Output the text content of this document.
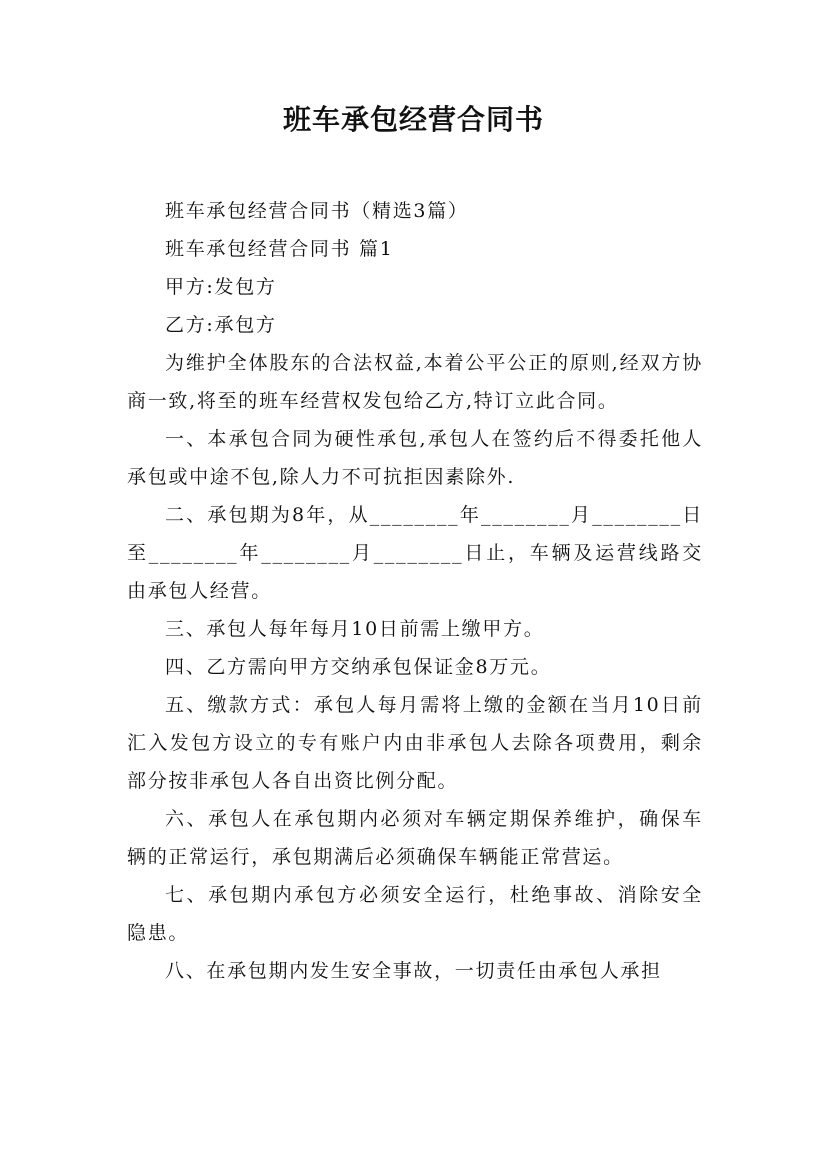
班车承包经营合同书

班车承包经营合同书（精选3篇）

班车承包经营合同书 篇1

甲方:发包方

乙方:承包方

为维护全体股东的合法权益,本着公平公正的原则,经双方协商一致,将至的班车经营权发包给乙方,特订立此合同。

一、本承包合同为硬性承包,承包人在签约后不得委托他人承包或中途不包,除人力不可抗拒因素除外.

二、承包期为8年，从________年________月________日至________年________月________日止，车辆及运营线路交由承包人经营。

三、承包人每年每月10日前需上缴甲方。

四、乙方需向甲方交纳承包保证金8万元。

五、缴款方式：承包人每月需将上缴的金额在当月10日前汇入发包方设立的专有账户内由非承包人去除各项费用，剩余部分按非承包人各自出资比例分配。

六、承包人在承包期内必须对车辆定期保养维护，确保车辆的正常运行，承包期满后必须确保车辆能正常营运。

七、承包期内承包方必须安全运行，杜绝事故、消除安全隐患。

八、在承包期内发生安全事故，一切责任由承包人承担
